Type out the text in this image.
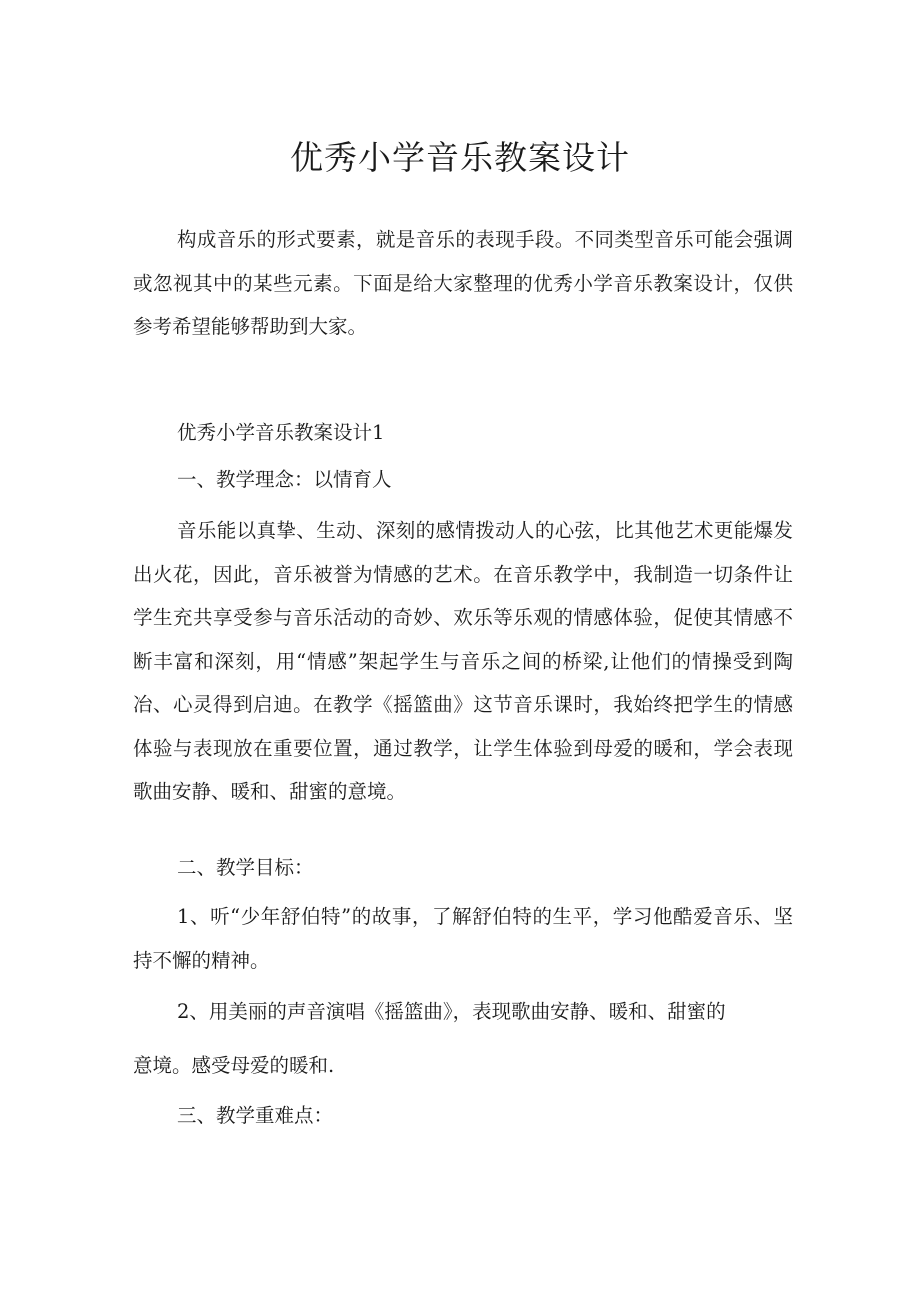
优秀小学音乐教案设计

构成音乐的形式要素，就是音乐的表现手段。不同类型音乐可能会强调或忽视其中的某些元素。下面是给大家整理的优秀小学音乐教案设计，仅供参考希望能够帮助到大家。

优秀小学音乐教案设计1

一、教学理念：以情育人

音乐能以真挚、生动、深刻的感情拨动人的心弦，比其他艺术更能爆发出火花，因此，音乐被誉为情感的艺术。在音乐教学中，我制造一切条件让学生充共享受参与音乐活动的奇妙、欢乐等乐观的情感体验，促使其情感不断丰富和深刻，用“情感”架起学生与音乐之间的桥梁,让他们的情操受到陶冶、心灵得到启迪。在教学《摇篮曲》这节音乐课时，我始终把学生的情感体验与表现放在重要位置，通过教学，让学生体验到母爱的暖和，学会表现歌曲安静、暖和、甜蜜的意境。

二、教学目标：

1、听“少年舒伯特”的故事，了解舒伯特的生平，学习他酷爱音乐、坚持不懈的精神。

2、用美丽的声音演唱《摇篮曲》，表现歌曲安静、暖和、甜蜜的

意境。感受母爱的暖和.

三、教学重难点：
